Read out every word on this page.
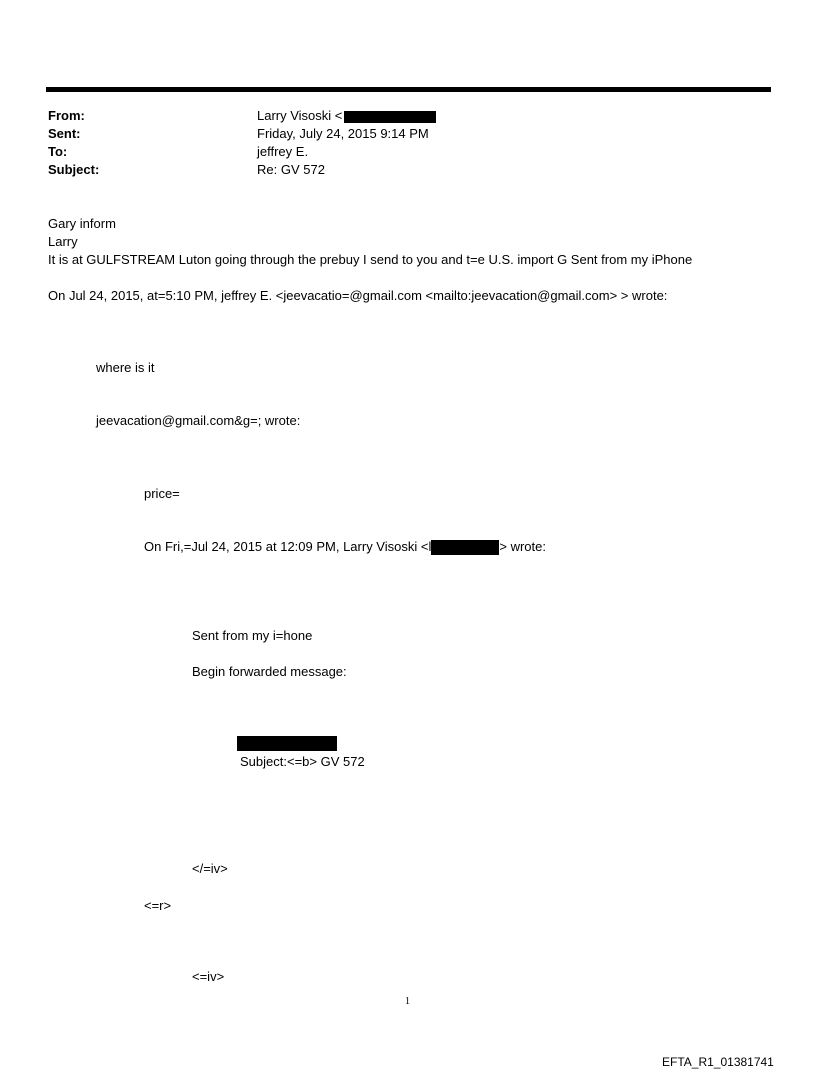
From:	Larry Visoski <
Sent:	Friday, July 24, 2015 9:14 PM
To:	jeffrey E.
Subject:	Re: GV 572
Gary inform
Larry
It is at GULFSTREAM Luton going through the prebuy I send to you and t=e U.S. import G Sent from my iPhone
On Jul 24, 2015, at=5:10 PM, jeffrey E. <jeevacatio=@gmail.com <mailto:jeevacation@gmail.com> > wrote:
where is it
jeevacation@gmail.com&g=; wrote:
price=
On Fri,=Jul 24, 2015 at 12:09 PM, Larry Visoski <l	> wrote:
Sent from my i=hone
Begin forwarded message:
Subject:<=b> GV 572
</=iv>
<=r>
<=iv>
1
EFTA_R1_01381741
